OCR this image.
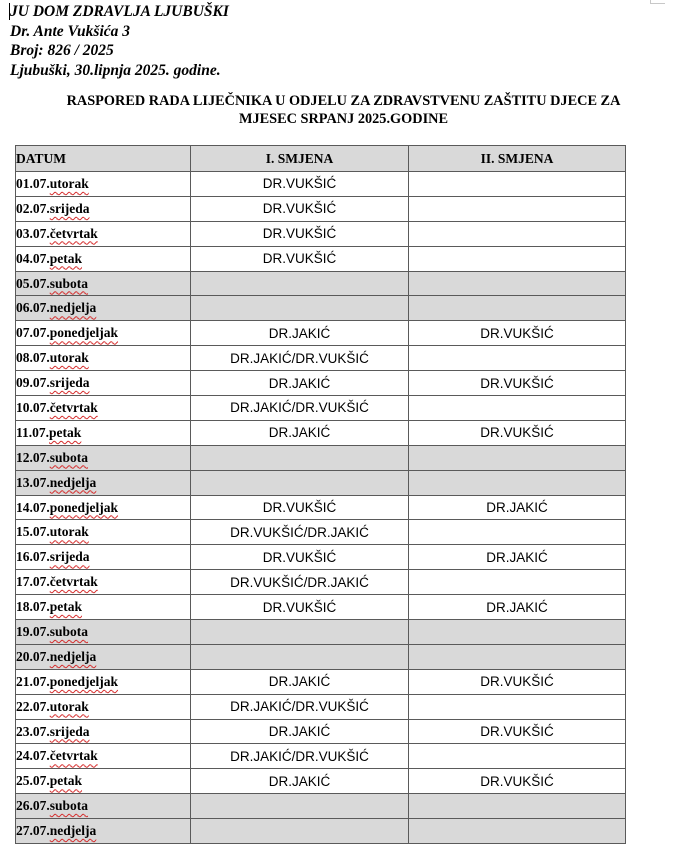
JU DOM ZDRAVLJA LJUBUŠKI
Dr. Ante Vukšića 3
Broj: 826 / 2025
Ljubuški, 30.lipnja 2025. godine.
RASPORED RADA LIJEČNIKA U ODJELU ZA ZDRAVSTVENU ZAŠTITU DJECE ZA
MJESEC SRPANJ 2025.GODINE
DATUM	I. SMJENA	II. SMJENA
01.07.utorak	DR.VUKŠIĆ	
02.07.srijeda	DR.VUKŠIĆ	
03.07.četvrtak	DR.VUKŠIĆ	
04.07.petak	DR.VUKŠIĆ	
05.07.subota		
06.07.nedjelja		
07.07.ponedjeljak	DR.JAKIĆ	DR.VUKŠIĆ
08.07.utorak	DR.JAKIĆ/DR.VUKŠIĆ	
09.07.srijeda	DR.JAKIĆ	DR.VUKŠIĆ
10.07.četvrtak	DR.JAKIĆ/DR.VUKŠIĆ	
11.07.petak	DR.JAKIĆ	DR.VUKŠIĆ
12.07.subota		
13.07.nedjelja		
14.07.ponedjeljak	DR.VUKŠIĆ	DR.JAKIĆ
15.07.utorak	DR.VUKŠIĆ/DR.JAKIĆ	
16.07.srijeda	DR.VUKŠIĆ	DR.JAKIĆ
17.07.četvrtak	DR.VUKŠIĆ/DR.JAKIĆ	
18.07.petak	DR.VUKŠIĆ	DR.JAKIĆ
19.07.subota		
20.07.nedjelja		
21.07.ponedjeljak	DR.JAKIĆ	DR.VUKŠIĆ
22.07.utorak	DR.JAKIĆ/DR.VUKŠIĆ	
23.07.srijeda	DR.JAKIĆ	DR.VUKŠIĆ
24.07.četvrtak	DR.JAKIĆ/DR.VUKŠIĆ	
25.07.petak	DR.JAKIĆ	DR.VUKŠIĆ
26.07.subota		
27.07.nedjelja		
